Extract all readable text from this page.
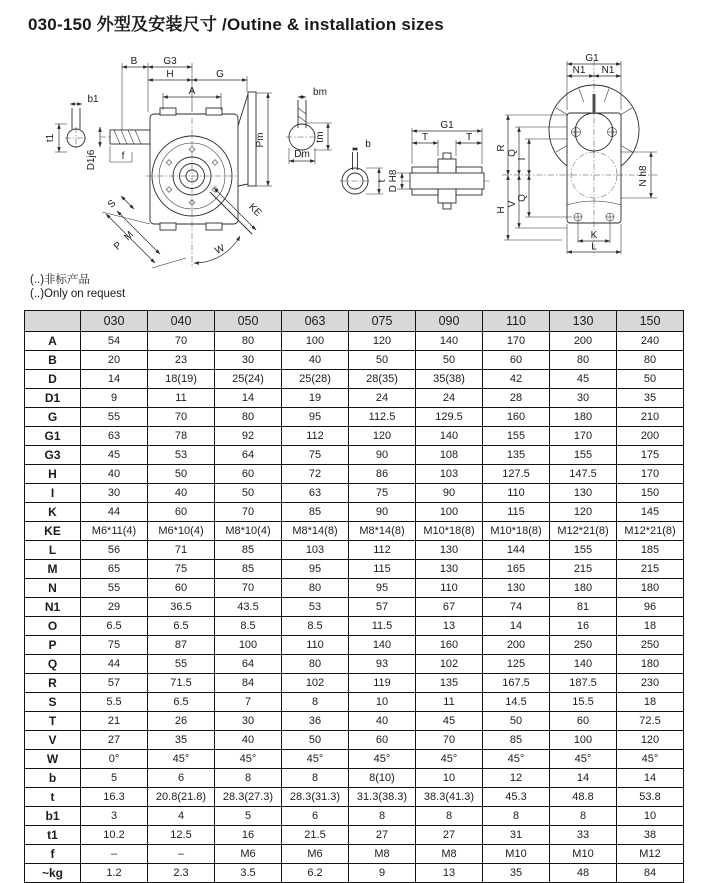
030-150 外型及安装尺寸 /Outine & installation sizes
f
D1j6
b1
t1	Pm
B	G3
H	G
A
S
M
P
KE
W
bm
tm
Dm
b
t
G1
T	T
D H8
G1
N1 N1
R
Q
I
H
V
Q
N h8
K
L
(..)非标产品
(..)Only on request
	030	040	050	063	075	090	110	130	150
A	54	70	80	100	120	140	170	200	240
B	20	23	30	40	50	50	60	80	80
D	14	18(19)	25(24)	25(28)	28(35)	35(38)	42	45	50
D1	9	11	14	19	24	24	28	30	35
G	55	70	80	95	112.5	129.5	160	180	210
G1	63	78	92	112	120	140	155	170	200
G3	45	53	64	75	90	108	135	155	175
H	40	50	60	72	86	103	127.5	147.5	170
I	30	40	50	63	75	90	110	130	150
K	44	60	70	85	90	100	115	120	145
KE	M6*11(4)	M6*10(4)	M8*10(4)	M8*14(8)	M8*14(8)	M10*18(8)	M10*18(8)	M12*21(8)	M12*21(8)
L	56	71	85	103	112	130	144	155	185
M	65	75	85	95	115	130	165	215	215
N	55	60	70	80	95	110	130	180	180
N1	29	36.5	43.5	53	57	67	74	81	96
O	6.5	6.5	8.5	8.5	11.5	13	14	16	18
P	75	87	100	110	140	160	200	250	250
Q	44	55	64	80	93	102	125	140	180
R	57	71.5	84	102	119	135	167.5	187.5	230
S	5.5	6.5	7	8	10	11	14.5	15.5	18
T	21	26	30	36	40	45	50	60	72.5
V	27	35	40	50	60	70	85	100	120
W	0°	45°	45°	45°	45°	45°	45°	45°	45°
b	5	6	8	8	8(10)	10	12	14	14
t	16.3	20.8(21.8)	28.3(27.3)	28.3(31.3)	31.3(38.3)	38.3(41.3)	45.3	48.8	53.8
b1	3	4	5	6	8	8	8	8	10
t1	10.2	12.5	16	21.5	27	27	31	33	38
f	–	–	M6	M6	M8	M8	M10	M10	M12
~kg	1.2	2.3	3.5	6.2	9	13	35	48	84
